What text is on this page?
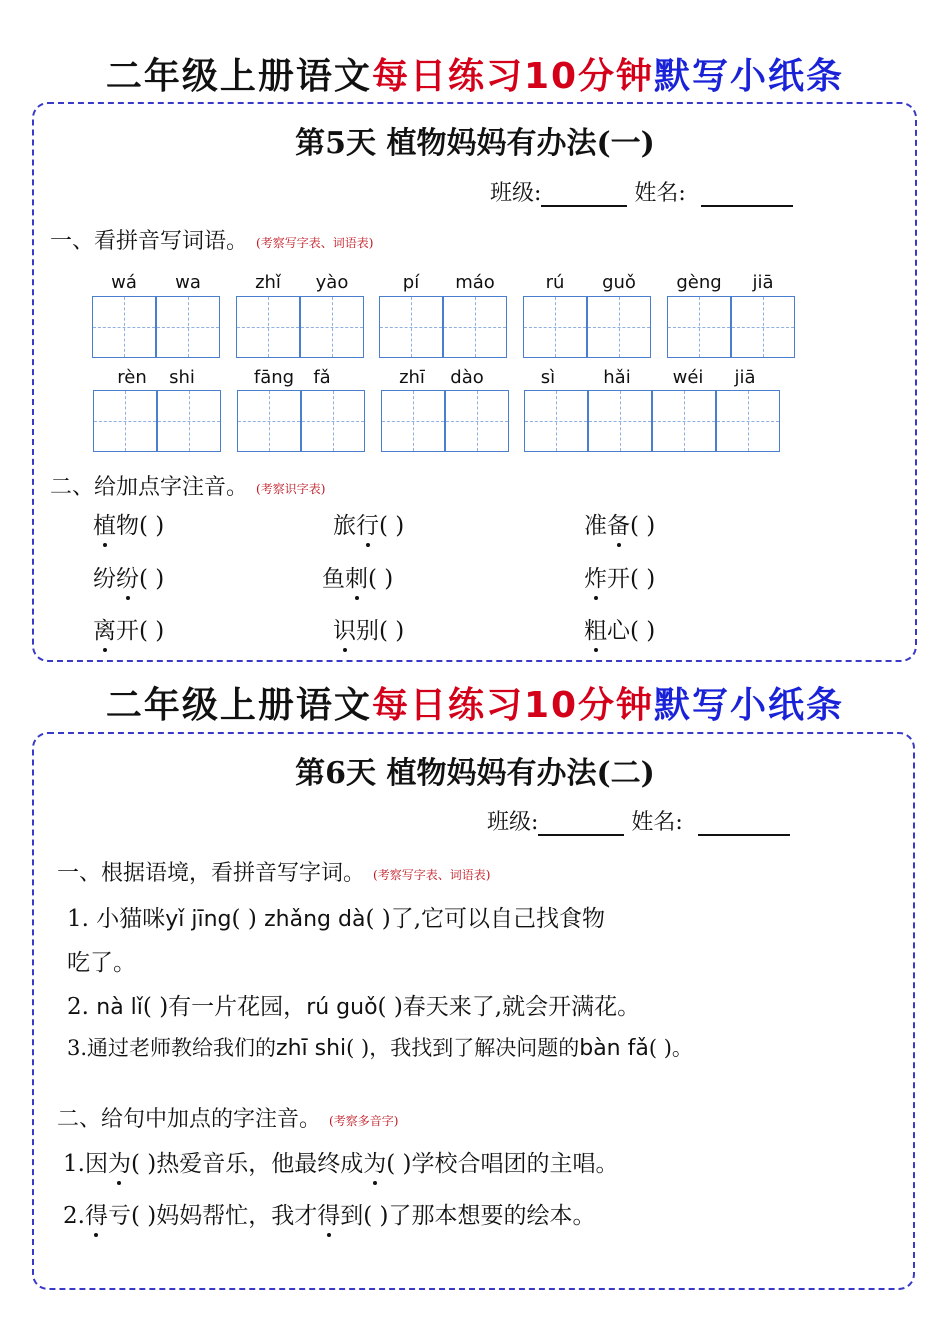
二年级上册语文每日练习10分钟默写小纸条
第5天 植物妈妈有办法(一)
班级:	姓名:
一、看拼音写词语。 (考察写字表、词语表)
wá	wa	zhǐ	yào	pí	máo	rú	guǒ	gèng	jiā
rèn	shi	fāng	fǎ	zhī	dào	sì	hǎi	wéi	jiā
二、给加点字注音。 (考察识字表)
植物( )	旅行( )	准备( )
纷纷( )	鱼刺( )	炸开( )
离开( )	识别( )	粗心( )
二年级上册语文每日练习10分钟默写小纸条
第6天 植物妈妈有办法(二)
班级:	姓名:
一、根据语境，看拼音写字词。 (考察写字表、词语表)
1. 小猫咪yǐ jīng( ) zhǎng dà( )了,它可以自己找食物
吃了。
2. nà lǐ( )有一片花园，rú guǒ( )春天来了,就会开满花。
3.通过老师教给我们的zhī shi( )，我找到了解决问题的bàn fǎ( )。
二、给句中加点的字注音。 (考察多音字)
1.因为( )热爱音乐，他最终成为( )学校合唱团的主唱。
2.得亏( )妈妈帮忙，我才得到( )了那本想要的绘本。
